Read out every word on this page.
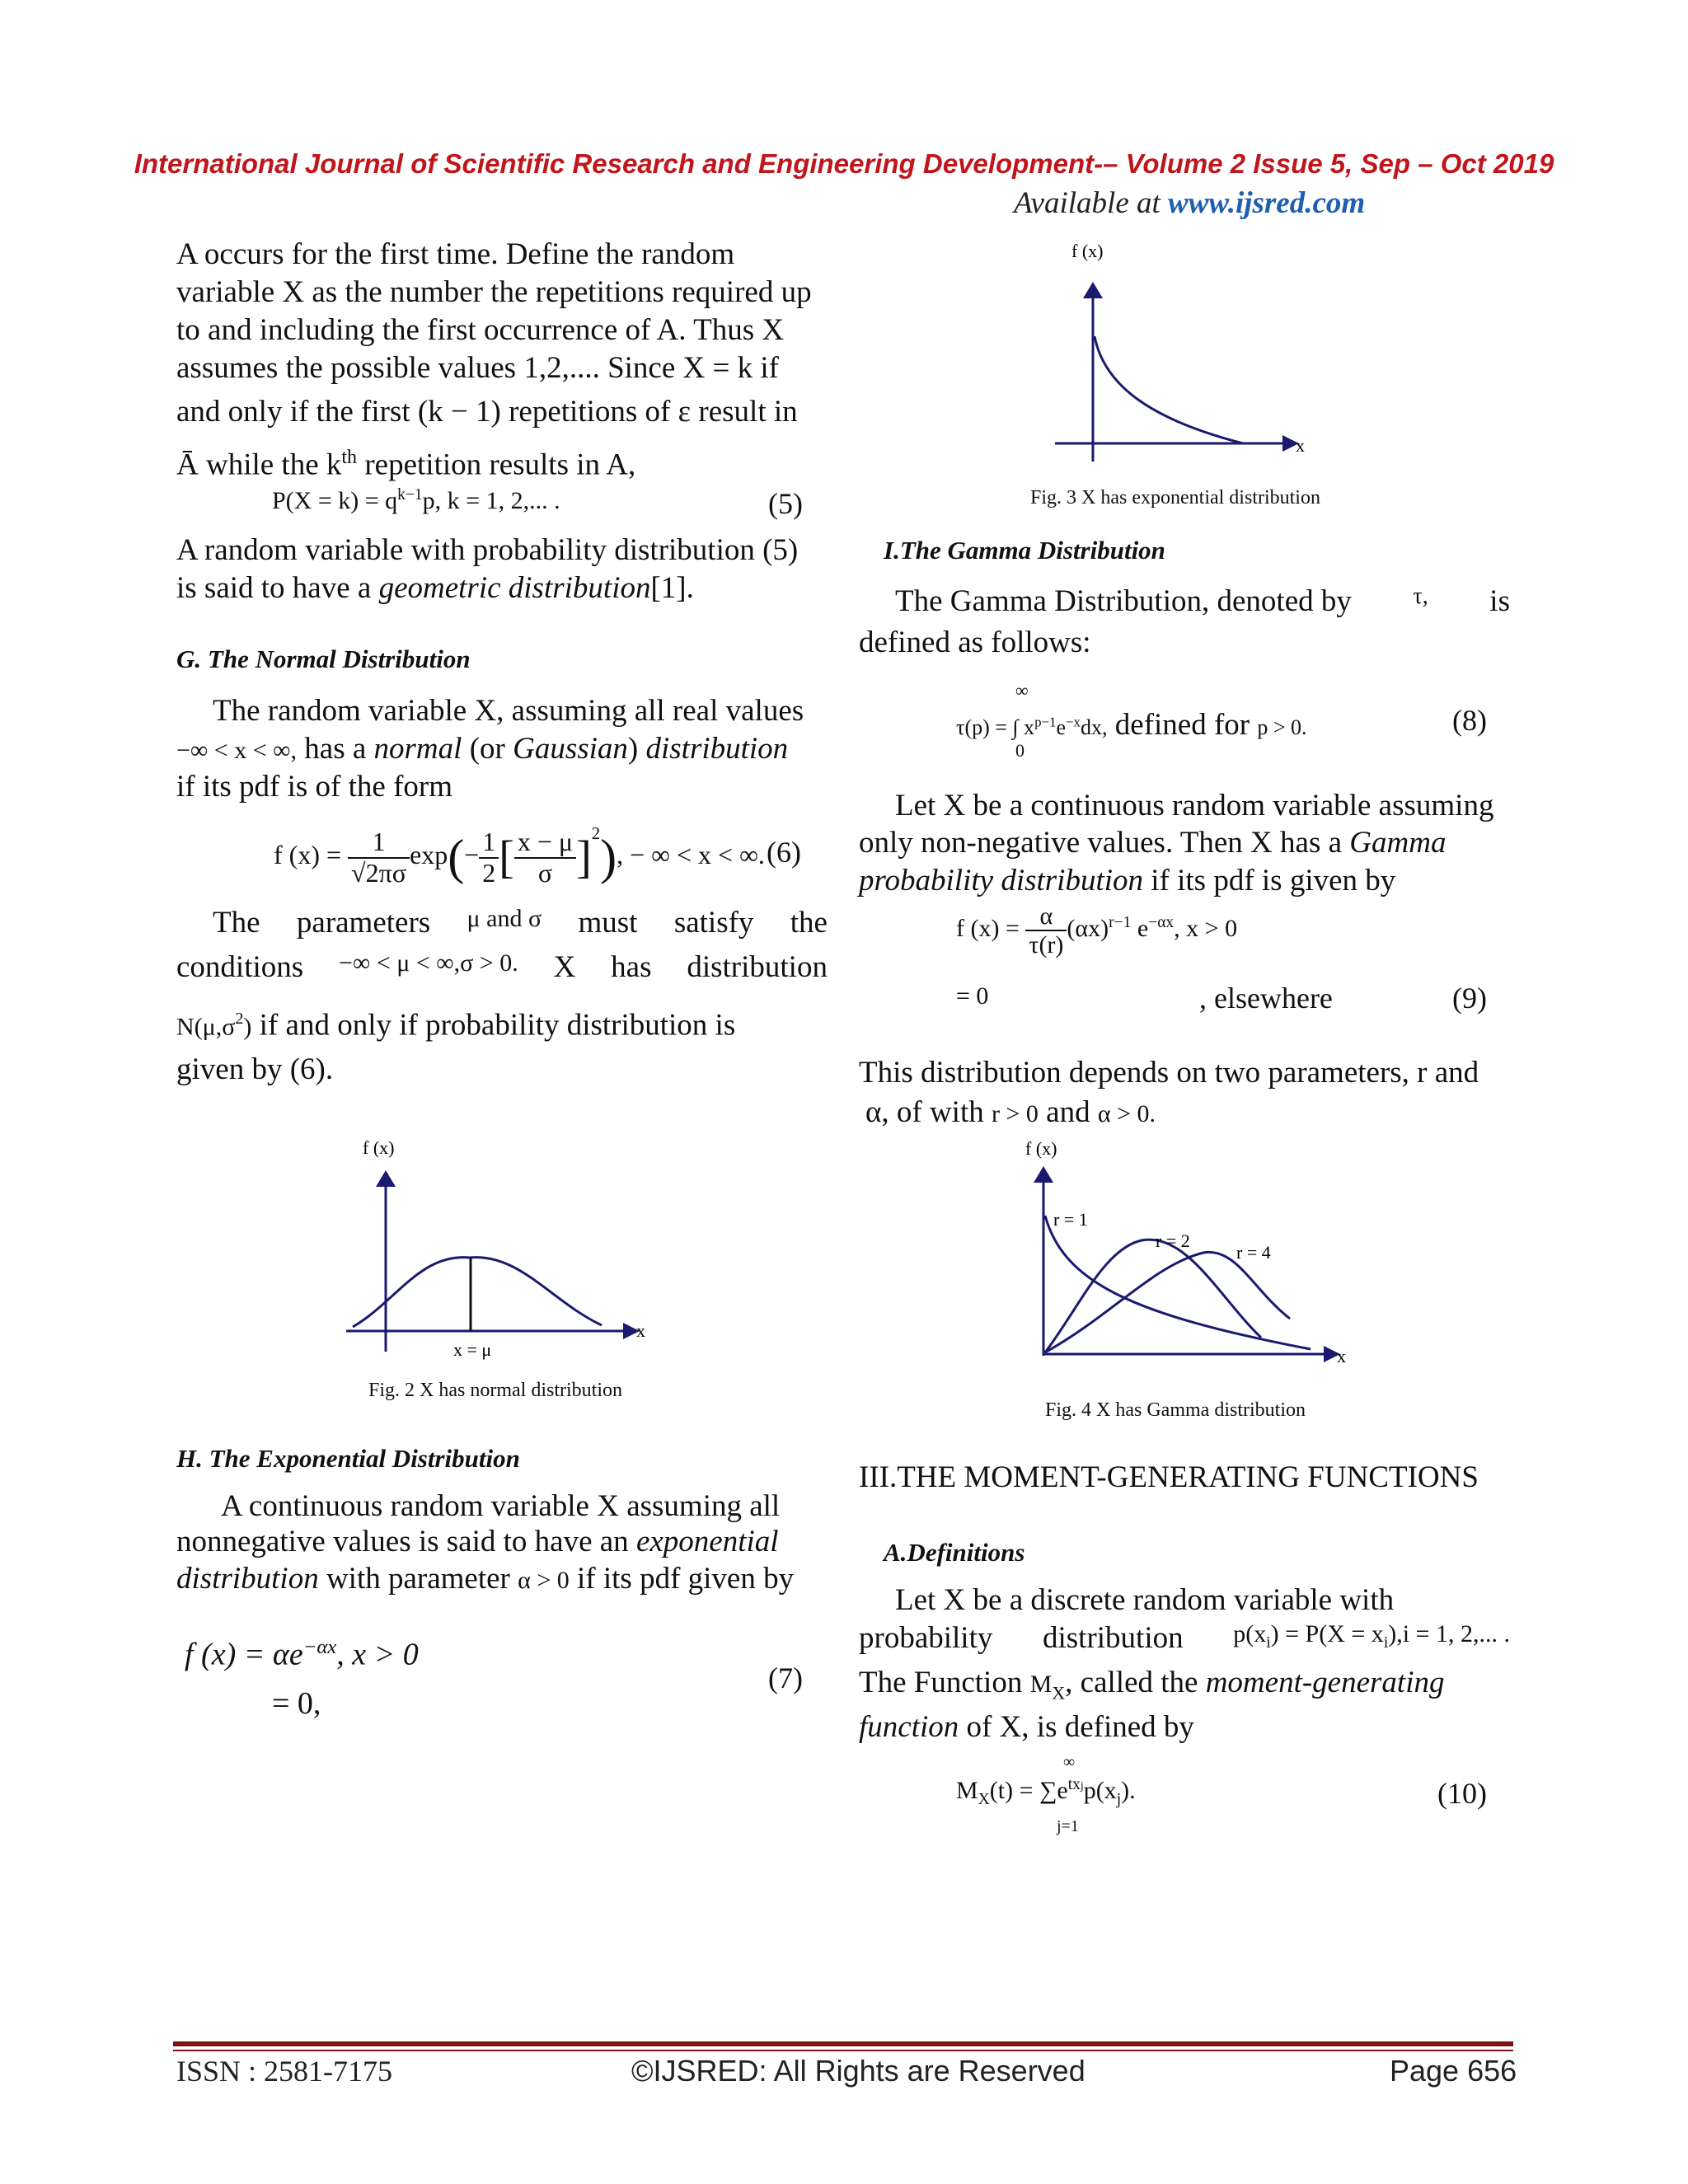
International Journal of Scientific Research and Engineering Development-– Volume 2 Issue 5, Sep – Oct 2019
Available at www.ijsred.com
A occurs for the first time. Define the random
variable X as the number the repetitions required up
to and including the first occurrence of A. Thus X
assumes the possible values 1,2,.... Since X = k if
and only if the first (k − 1) repetitions of ε result in
Ā while the $k^{th}$ repetition results in A,
$P(X = k) = q^{k-1}p$, k = 1, 2,... .	(5)
A random variable with probability distribution (5)
is said to have a geometric distribution[1].
G. The Normal Distribution
The random variable X, assuming all real values
−∞ < x < ∞, has a normal (or Gaussian) distribution
if its pdf is of the form
f $(x) = \frac{1}{√2\pi\sigma} \exp(- \frac{1}{2}$ [ $\frac{x - \mu}{\sigma} ]^2$), − ∞ < x < ∞. (6)
The parameters μ and σ must satisfy the
conditions −∞ < μ < ∞,σ > 0. X has distribution
$N(\mu,\sigma^2)$ if and only if probability distribution is
given by (6).
f (x)
x
x = μ
Fig. 2 X has normal distribution
H. The Exponential Distribution
A continuous random variable X assuming all
nonnegative values is said to have an exponential
distribution with parameter α > 0 if its pdf given by
f $(x) = \alpha e^{-\alpha x}$, x > 0
= 0,
(7)
f (x)
x
Fig. 3 X has exponential distribution
I.The Gamma Distribution
The Gamma Distribution, denoted by	τ, is
defined as follows:
∞
0
τ(p) = ∫ $x^{p-1}e^{-x}dx$, defined for p > 0.	(8)
Let X be a continuous random variable assuming
only non-negative values. Then X has a Gamma
probability distribution if its pdf is given by
f $(x) = \frac{\alpha}{\tau(r)} (\alpha x)^{r-1}$ $e^{-\alpha x}$, x > 0
= 0	, elsewhere	(9)
This distribution depends on two parameters, r and
α, of with r > 0 and α > 0.
f (x)
x
r = 1
r = 2
r = 4
Fig. 4 X has Gamma distribution
III.THE MOMENT-GENERATING FUNCTIONS
A.Definitions
Let X be a discrete random variable with
probability distribution $p(x_i) = P(X = x_i),i = 1$, 2,... .
The Function $M_X$, called the moment-generating
function of X, is defined by
∞
j=1
$M_X(t) = \sum e^{txj}p(x_j)$.	(10)
ISSN : 2581-7175	©IJSRED: All Rights are Reserved	Page 656
